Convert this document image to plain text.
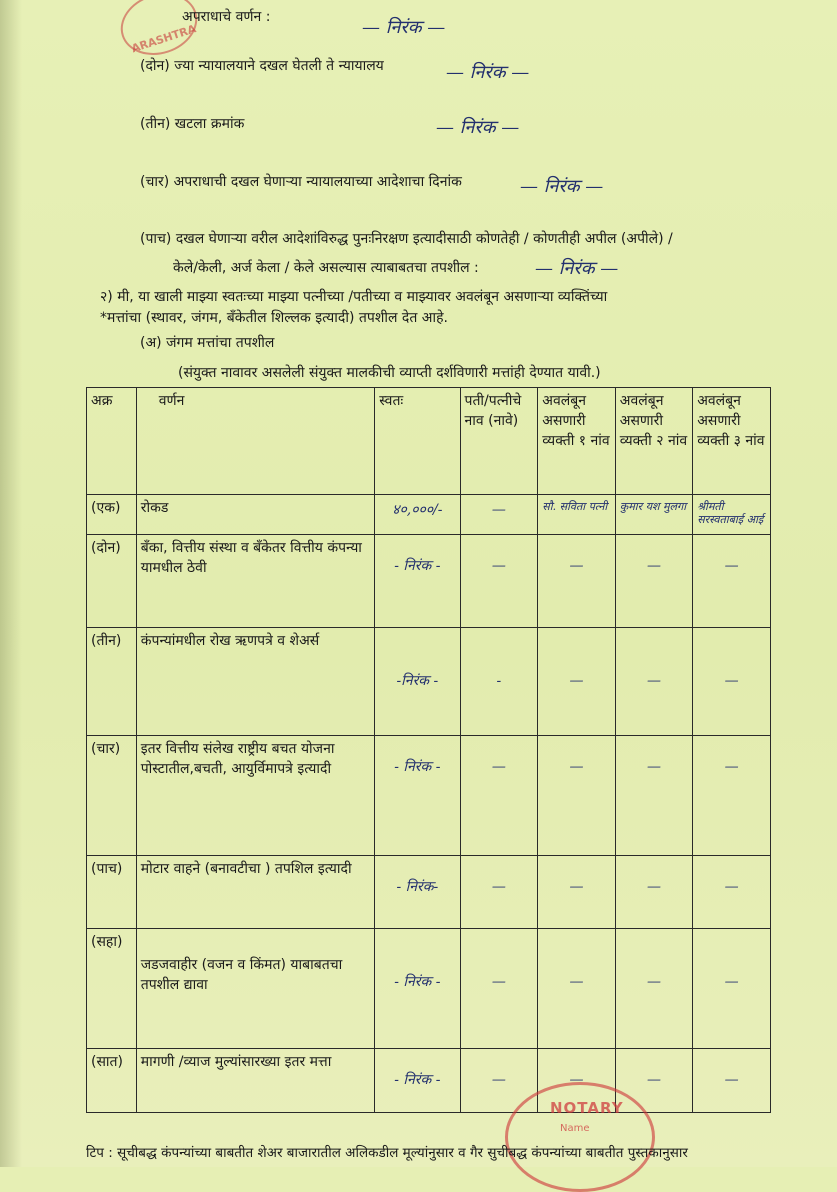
ARASHTRA
अपराधाचे वर्णन :	— निरंक —
(दोन) ज्या न्यायालयाने दखल घेतली ते न्यायालय	— निरंक —
(तीन) खटला क्रमांक	— निरंक —
(चार) अपराधाची दखल घेणाऱ्या न्यायालयाच्या आदेशाचा दिनांक	— निरंक —
(पाच) दखल घेणाऱ्या वरील आदेशांविरुद्ध पुनःनिरक्षण इत्यादीसाठी कोणतेही / कोणतीही अपील (अपीले) /
केले/केली, अर्ज केला / केले असल्यास त्याबाबतचा तपशील :	— निरंक —
२) मी, या खाली माझ्या स्वतःच्या माझ्या पत्नीच्या /पतीच्या व माझ्यावर अवलंबून असणाऱ्या व्यक्तिंच्या
*मत्तांचा (स्थावर, जंगम, बँकेतील शिल्लक इत्यादी) तपशील देत आहे.
(अ) जंगम मत्तांचा तपशील
(संयुक्त नावावर असलेली संयुक्त मालकीची व्याप्ती दर्शविणारी मत्तांही देण्यात यावी.)
अक्र	वर्णन	स्वतः	पती/पत्नीचे नाव (नावे)	अवलंबून असणारी व्यक्ती १ नांव	अवलंबून असणारी व्यक्ती २ नांव	अवलंबून असणारी व्यक्ती ३ नांव
(एक)	रोकड	४०,०००/-	—	सौ. सविता पत्नी	कुमार यश मुलगा	श्रीमती सरस्वताबाई आई

(दोन)	बँका, वित्तीय संस्था व बँकेतर वित्तीय कंपन्या यामधील ठेवी	- निरंक -	—	—	—	—

(तीन)	कंपन्यांमधील रोख ऋणपत्रे व शेअर्स	-निरंक -	-	—	—	—

(चार)	इतर वित्तीय संलेख राष्ट्रीय बचत योजना पोस्टातील,बचती, आयुर्विमापत्रे इत्यादी	- निरंक -	—	—	—	—

(पाच)	मोटार वाहने (बनावटीचा ) तपशिल इत्यादी	- निरंक-	—	—	—	—

(सहा)	जडजवाहीर (वजन व किंमत) याबाबतचा तपशील द्यावा	- निरंक -	—	—	—	—

(सात)	मागणी /व्याज मुल्यांसारख्या इतर मत्ता	- निरंक -	—	—	—	—
NOTARY
Name
टिप : सूचीबद्ध कंपन्यांच्या बाबतीत शेअर बाजारातील अलिकडील मूल्यांनुसार व गैर सुचीबद्ध कंपन्यांच्या बाबतीत पुस्तकानुसार
